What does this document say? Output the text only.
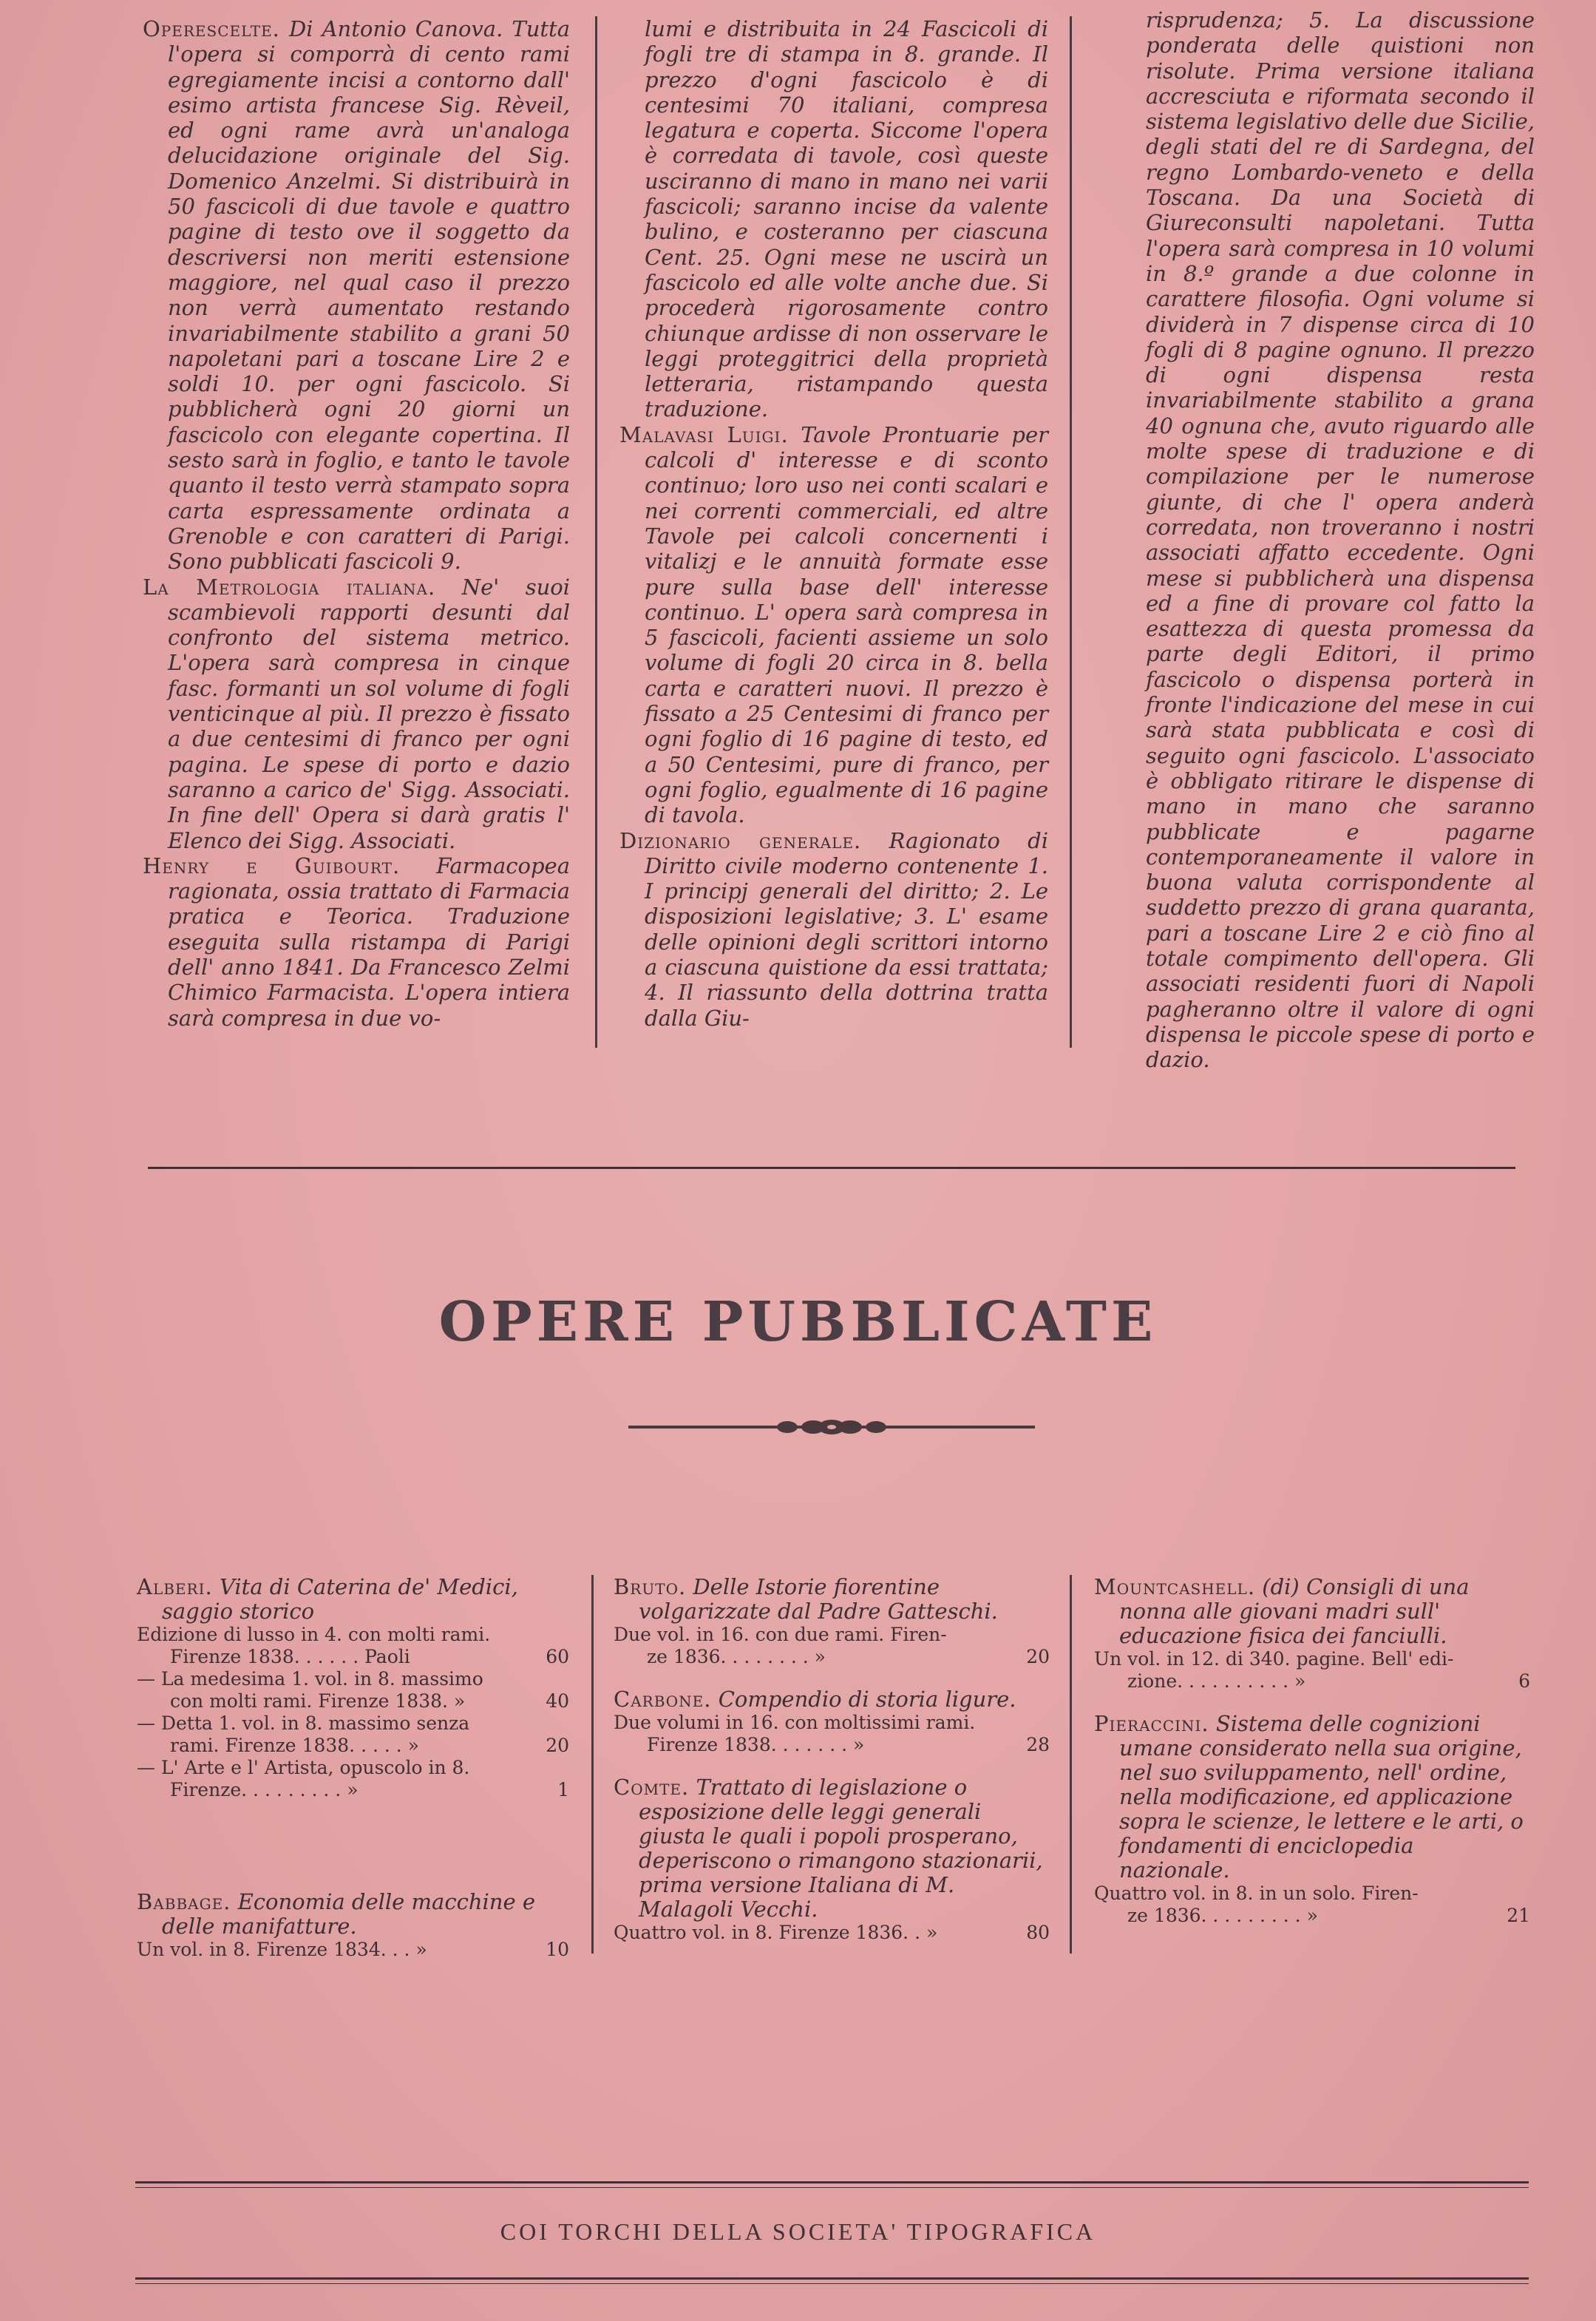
Operescelte. Di Antonio Canova. Tutta l'opera si comporrà di cento rami egregiamente incisi a contorno dall' esimo artista francese Sig. Rèveil, ed ogni rame avrà un'analoga delucidazione originale del Sig. Domenico Anzelmi. Si distribuirà in 50 fascicoli di due tavole e quattro pagine di testo ove il soggetto da descriversi non meriti estensione maggiore, nel qual caso il prezzo non verrà aumentato restando invariabilmente stabilito a grani 50 napoletani pari a toscane Lire 2 e soldi 10. per ogni fascicolo. Si pubblicherà ogni 20 giorni un fascicolo con elegante copertina. Il sesto sarà in foglio, e tanto le tavole quanto il testo verrà stampato sopra carta espressamente ordinata a Grenoble e con caratteri di Parigi. Sono pubblicati fascicoli 9.

La Metrologia italiana. Ne' suoi scambievoli rapporti desunti dal confronto del sistema metrico. L'opera sarà compresa in cinque fasc. formanti un sol volume di fogli venticinque al più. Il prezzo è fissato a due centesimi di franco per ogni pagina. Le spese di porto e dazio saranno a carico de' Sigg. Associati. In fine dell' Opera si darà gratis l' Elenco dei Sigg. Associati.

Henry e Guibourt. Farmacopea ragionata, ossia trattato di Farmacia pratica e Teorica. Traduzione eseguita sulla ristampa di Parigi dell' anno 1841. Da Francesco Zelmi Chimico Farmacista. L'opera intiera sarà compresa in due vo-

lumi e distribuita in 24 Fascicoli di fogli tre di stampa in 8. grande. Il prezzo d'ogni fascicolo è di centesimi 70 italiani, compresa legatura e coperta. Siccome l'opera è corredata di tavole, così queste usciranno di mano in mano nei varii fascicoli; saranno incise da valente bulino, e costeranno per ciascuna Cent. 25. Ogni mese ne uscirà un fascicolo ed alle volte anche due. Si procederà rigorosamente contro chiunque ardisse di non osservare le leggi proteggitrici della proprietà letteraria, ristampando questa traduzione.

Malavasi Luigi. Tavole Prontuarie per calcoli d' interesse e di sconto continuo; loro uso nei conti scalari e nei correnti commerciali, ed altre Tavole pei calcoli concernenti i vitalizj e le annuità formate esse pure sulla base dell' interesse continuo. L' opera sarà compresa in 5 fascicoli, facienti assieme un solo volume di fogli 20 circa in 8. bella carta e caratteri nuovi. Il prezzo è fissato a 25 Centesimi di franco per ogni foglio di 16 pagine di testo, ed a 50 Centesimi, pure di franco, per ogni foglio, egualmente di 16 pagine di tavola.

Dizionario generale. Ragionato di Diritto civile moderno contenente 1. I principj generali del diritto; 2. Le disposizioni legislative; 3. L' esame delle opinioni degli scrittori intorno a ciascuna quistione da essi trattata; 4. Il riassunto della dottrina tratta dalla Giu-

risprudenza; 5. La discussione ponderata delle quistioni non risolute. Prima versione italiana accresciuta e riformata secondo il sistema legislativo delle due Sicilie, degli stati del re di Sardegna, del regno Lombardo-veneto e della Toscana. Da una Società di Giureconsulti napoletani. Tutta l'opera sarà compresa in 10 volumi in 8.º grande a due colonne in carattere filosofia. Ogni volume si dividerà in 7 dispense circa di 10 fogli di 8 pagine ognuno. Il prezzo di ogni dispensa resta invariabilmente stabilito a grana 40 ognuna che, avuto riguardo alle molte spese di traduzione e di compilazione per le numerose giunte, di che l' opera anderà corredata, non troveranno i nostri associati affatto eccedente. Ogni mese si pubblicherà una dispensa ed a fine di provare col fatto la esattezza di questa promessa da parte degli Editori, il primo fascicolo o dispensa porterà in fronte l'indicazione del mese in cui sarà stata pubblicata e così di seguito ogni fascicolo. L'associato è obbligato ritirare le dispense di mano in mano che saranno pubblicate e pagarne contemporaneamente il valore in buona valuta corrispondente al suddetto prezzo di grana quaranta, pari a toscane Lire 2 e ciò fino al totale compimento dell'opera. Gli associati residenti fuori di Napoli pagheranno oltre il valore di ogni dispensa le piccole spese di porto e dazio.

OPERE PUBBLICATE

Alberi. Vita di Caterina de' Medici, saggio storico

Edizione di lusso in 4. con molti rami.

Firenze 1838. . . . . . Paoli	60

— La medesima 1. vol. in 8. massimo

con molti rami. Firenze 1838. »	40

— Detta 1. vol. in 8. massimo senza

rami. Firenze 1838. . . . . »	20

— L' Arte e l' Artista, opuscolo in 8.

Firenze. . . . . . . . . »	1

Babbage. Economia delle macchine e delle manifatture.

Un vol. in 8. Firenze 1834. . . »	10

Bruto. Delle Istorie fiorentine volgarizzate dal Padre Gatteschi.

Due vol. in 16. con due rami. Firen-

ze 1836. . . . . . . . »	20

Carbone. Compendio di storia ligure.

Due volumi in 16. con moltissimi rami.

Firenze 1838. . . . . . . »	28

Comte. Trattato di legislazione o esposizione delle leggi generali giusta le quali i popoli prosperano, deperiscono o rimangono stazionarii, prima versione Italiana di M. Malagoli Vecchi.

Quattro vol. in 8. Firenze 1836. . »	80

Mountcashell. (di) Consigli di una nonna alle giovani madri sull' educazione fisica dei fanciulli.

Un vol. in 12. di 340. pagine. Bell' edi-

zione. . . . . . . . . . »	6

Pieraccini. Sistema delle cognizioni umane considerato nella sua origine, nel suo sviluppamento, nell' ordine, nella modificazione, ed applicazione sopra le scienze, le lettere e le arti, o fondamenti di enciclopedia nazionale.

Quattro vol. in 8. in un solo. Firen-

ze 1836. . . . . . . . . »	21

COI TORCHI DELLA SOCIETA' TIPOGRAFICA
